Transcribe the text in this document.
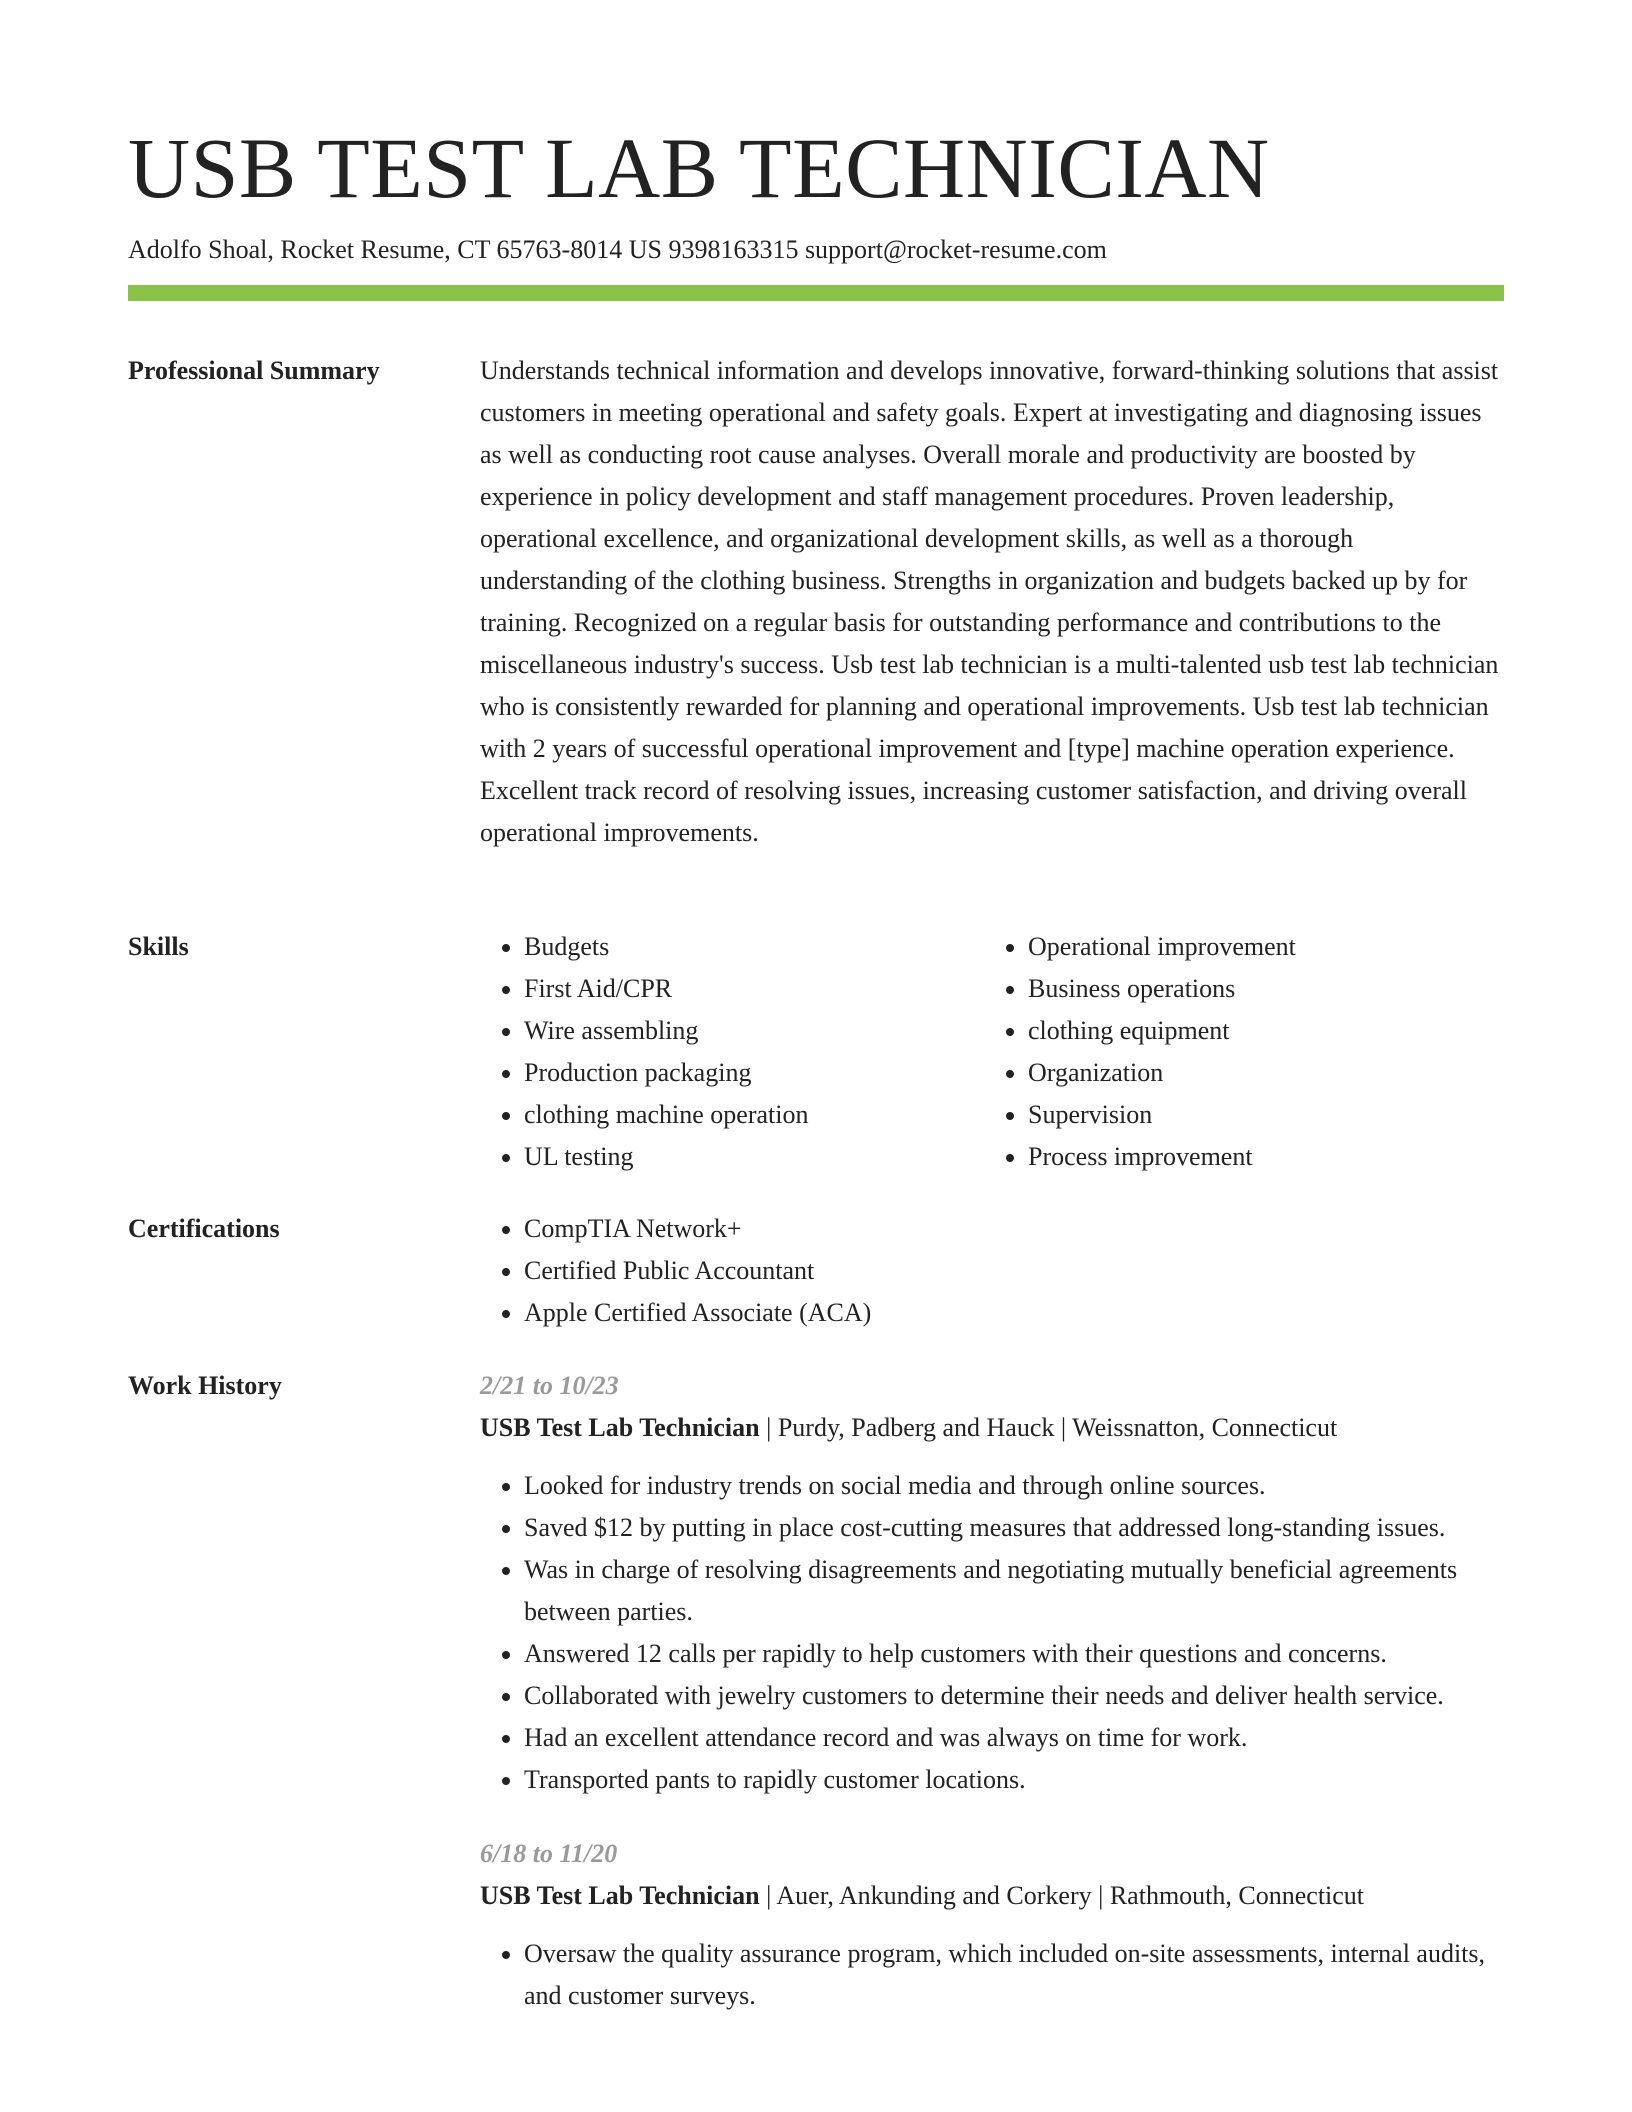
USB TEST LAB TECHNICIAN
Adolfo Shoal, Rocket Resume, CT 65763-8014 US 9398163315 support@rocket-resume.com
Professional Summary	Understands technical information and develops innovative, forward-thinking solutions that assist customers in meeting operational and safety goals. Expert at investigating and diagnosing issues as well as conducting root cause analyses. Overall morale and productivity are boosted by experience in policy development and staff management procedures. Proven leadership, operational excellence, and organizational development skills, as well as a thorough understanding of the clothing business. Strengths in organization and budgets backed up by for training. Recognized on a regular basis for outstanding performance and contributions to the miscellaneous industry's success. Usb test lab technician is a multi-talented usb test lab technician who is consistently rewarded for planning and operational improvements. Usb test lab technician with 2 years of successful operational improvement and [type] machine operation experience. Excellent track record of resolving issues, increasing customer satisfaction, and driving overall operational improvements.

Skills	• Budgets
• First Aid/CPR
• Wire assembling
• Production packaging
• clothing machine operation
• UL testing
• Operational improvement
• Business operations
• clothing equipment
• Organization
• Supervision
• Process improvement
Certifications	• CompTIA Network+
• Certified Public Accountant
• Apple Certified Associate (ACA)
Work History	2/21 to 10/23

USB Test Lab Technician | Purdy, Padberg and Hauck | Weissnatton, Connecticut

• Looked for industry trends on social media and through online sources.
• Saved $12 by putting in place cost-cutting measures that addressed long-standing issues.
• Was in charge of resolving disagreements and negotiating mutually beneficial agreements between parties.
• Answered 12 calls per rapidly to help customers with their questions and concerns.
• Collaborated with jewelry customers to determine their needs and deliver health service.
• Had an excellent attendance record and was always on time for work.
• Transported pants to rapidly customer locations.

6/18 to 11/20

USB Test Lab Technician | Auer, Ankunding and Corkery | Rathmouth, Connecticut

• Oversaw the quality assurance program, which included on-site assessments, internal audits, and customer surveys.
